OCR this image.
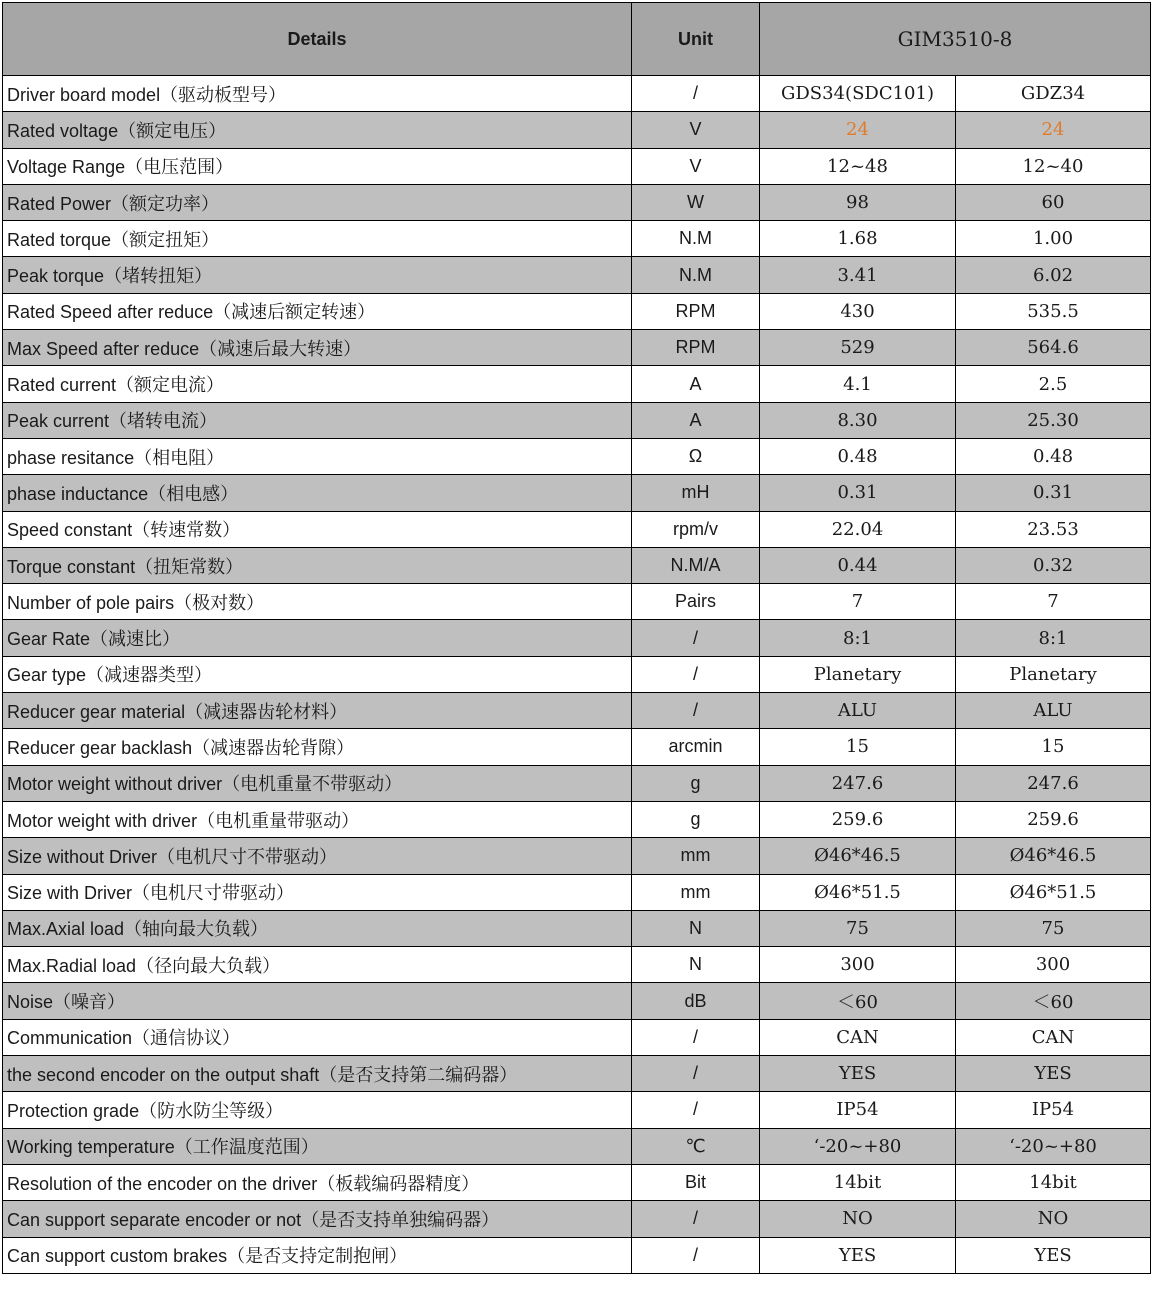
Details	Unit	GIM3510-8	
Driver board model（驱动板型号）	/	GDS34(SDC101)	GDZ34
Rated voltage（额定电压）	V	24	24
Voltage Range（电压范围）	V	12~48	12~40
Rated Power（额定功率）	W	98	60
Rated torque（额定扭矩）	N.M	1.68	1.00
Peak torque（堵转扭矩）	N.M	3.41	6.02
Rated Speed after reduce（减速后额定转速）	RPM	430	535.5
Max Speed after reduce（减速后最大转速）	RPM	529	564.6
Rated current（额定电流）	A	4.1	2.5
Peak current（堵转电流）	A	8.30	25.30
phase resitance（相电阻）	Ω	0.48	0.48
phase inductance（相电感）	mH	0.31	0.31
Speed constant（转速常数）	rpm/v	22.04	23.53
Torque constant（扭矩常数）	N.M/A	0.44	0.32
Number of pole pairs（极对数）	Pairs	7	7
Gear Rate（减速比）	/	8:1	8:1
Gear type（减速器类型）	/	Planetary	Planetary
Reducer gear material（减速器齿轮材料）	/	ALU	ALU
Reducer gear backlash（减速器齿轮背隙）	arcmin	15	15
Motor weight without driver（电机重量不带驱动）	g	247.6	247.6
Motor weight with driver（电机重量带驱动）	g	259.6	259.6
Size without Driver（电机尺寸不带驱动）	mm	Ø46*46.5	Ø46*46.5
Size with Driver（电机尺寸带驱动）	mm	Ø46*51.5	Ø46*51.5
Max.Axial load（轴向最大负载）	N	75	75
Max.Radial load（径向最大负载）	N	300	300
Noise（噪音）	dB	＜60	＜60
Communication（通信协议）	/	CAN	CAN
the second encoder on the output shaft（是否支持第二编码器）	/	YES	YES
Protection grade（防水防尘等级）	/	IP54	IP54
Working temperature（工作温度范围）	℃	‘-20~+80	‘-20~+80
Resolution of the encoder on the driver（板载编码器精度）	Bit	14bit	14bit
Can support separate encoder or not（是否支持单独编码器）	/	NO	NO
Can support custom brakes（是否支持定制抱闸）	/	YES	YES
